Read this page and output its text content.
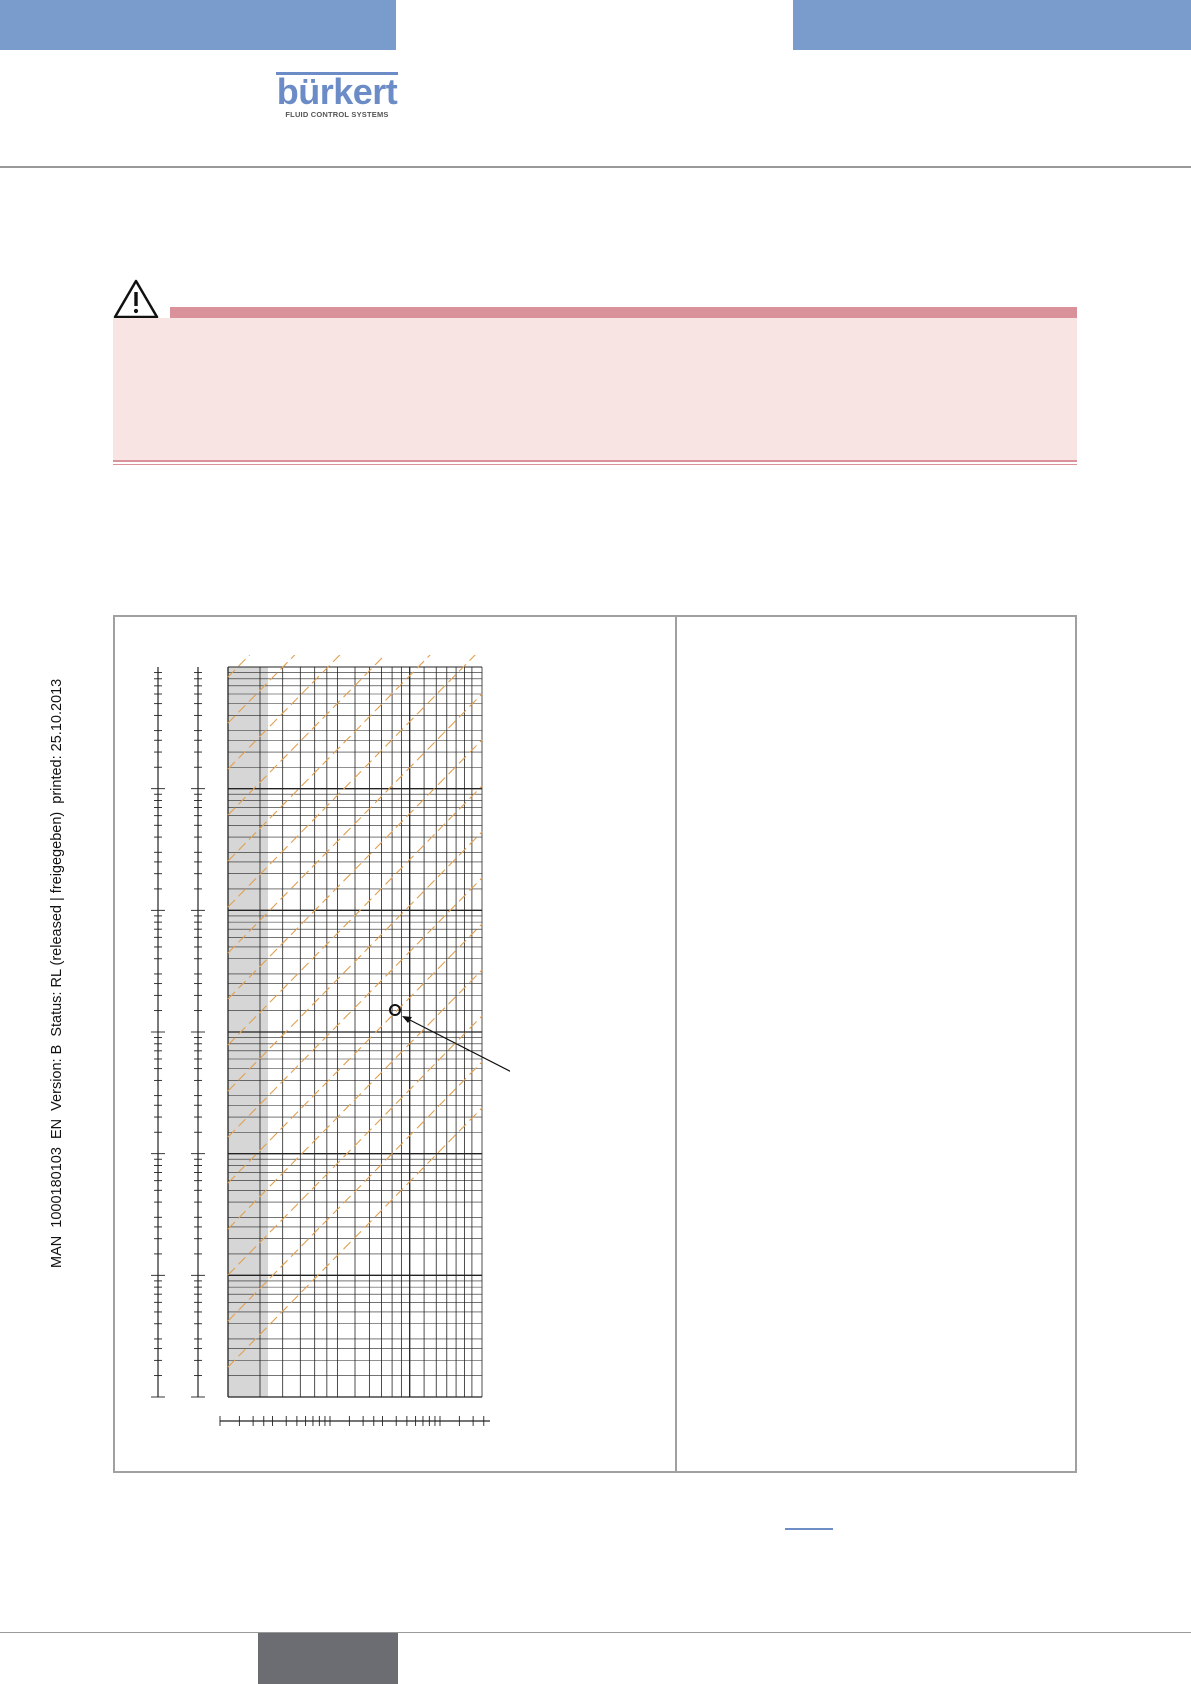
bürkert
FLUID CONTROL SYSTEMS
MAN  1000180103  EN  Version: B  Status: RL (released | freigegeben)  printed: 25.10.2013
